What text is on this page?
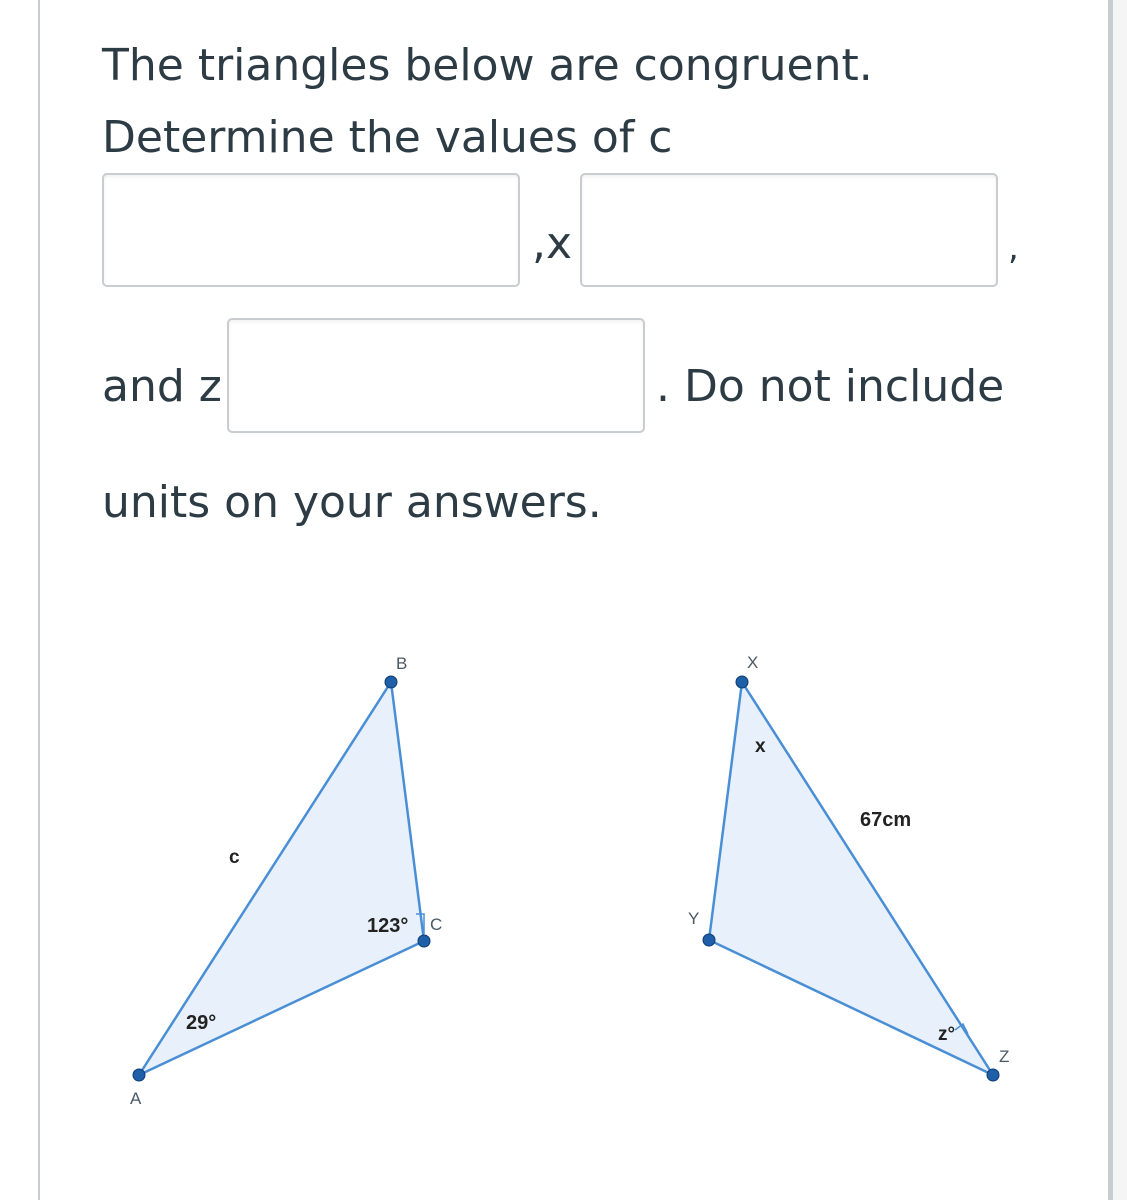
The triangles below are congruent.
Determine the values of c
,x	,
and z	. Do not include
units on your answers.
A
B
C
c
29°
123°
X
Y
Z
x
67cm
z°
